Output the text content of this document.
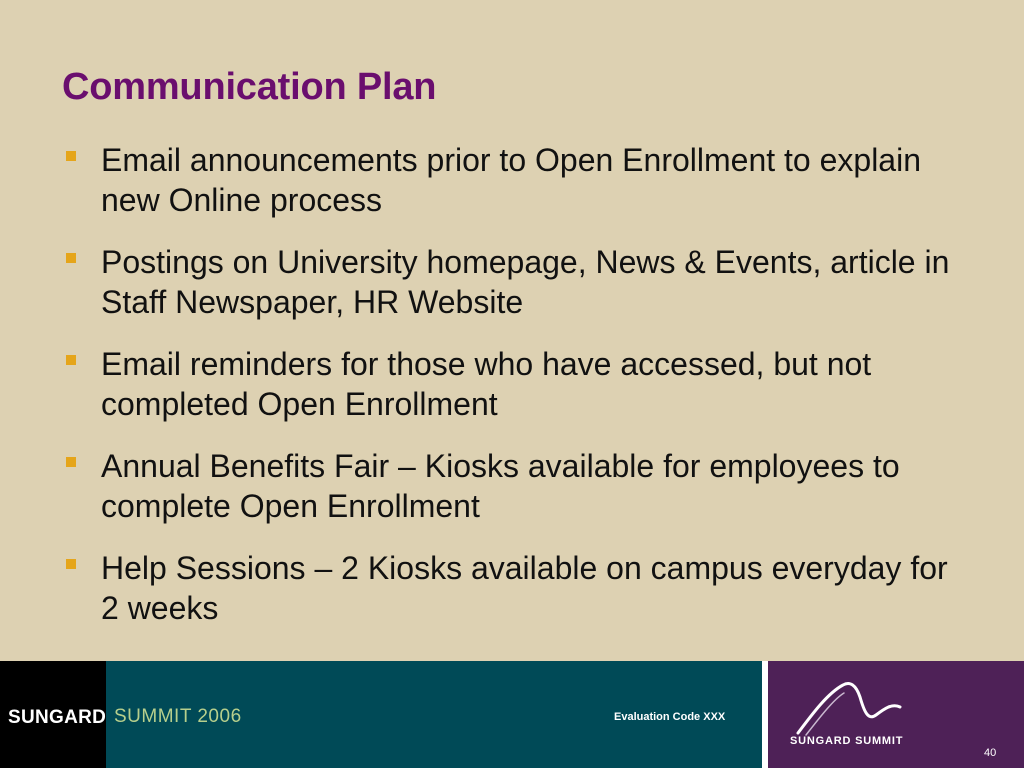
Communication Plan
Email announcements prior to Open Enrollment to explain new Online process
Postings on University homepage, News & Events, article in Staff Newspaper, HR Website
Email reminders for those who have accessed, but not completed Open Enrollment
Annual Benefits Fair – Kiosks available for employees to complete Open Enrollment
Help Sessions – 2 Kiosks available on campus everyday for 2 weeks
SUNGARD SUMMIT 2006	Evaluation Code XXX
SUNGARD SUMMIT
40
